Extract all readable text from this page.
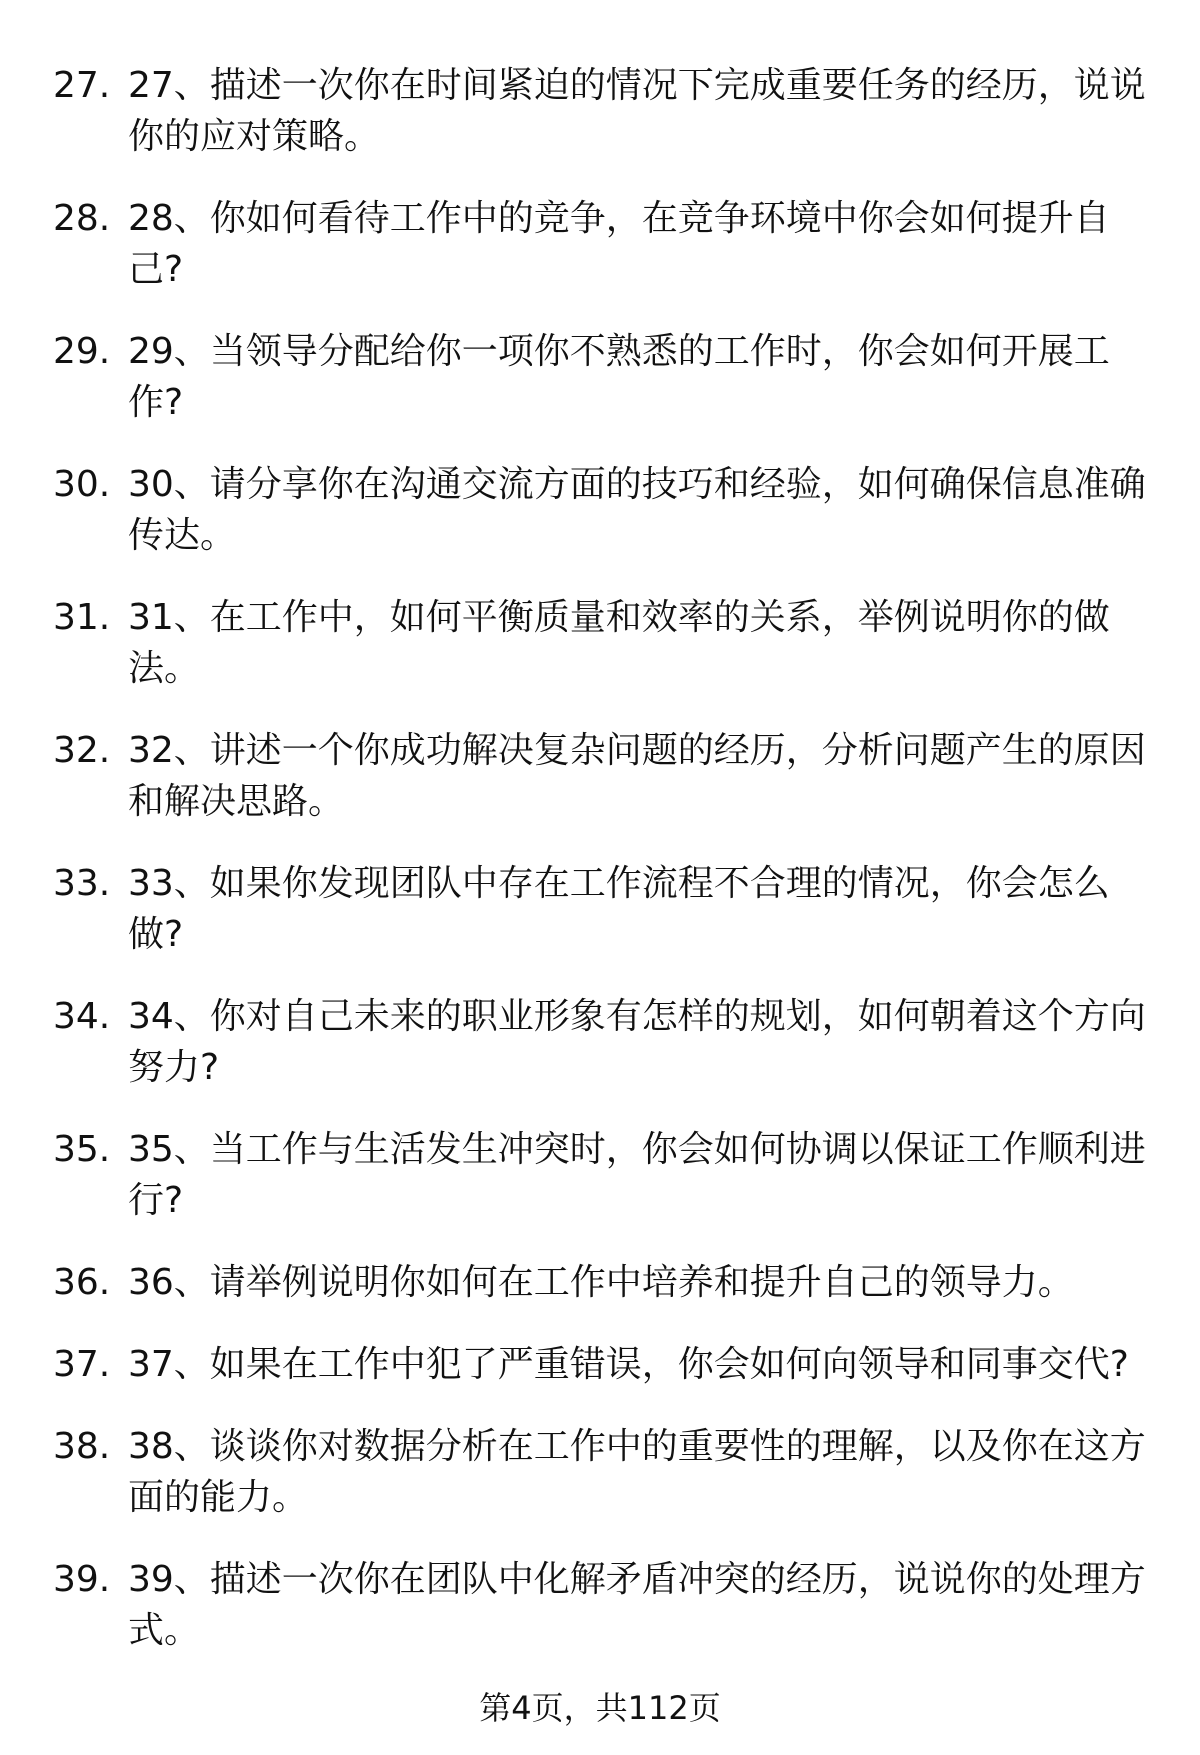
27. 27、描述一次你在时间紧迫的情况下完成重要任务的经历，说说
你的应对策略。
28. 28、你如何看待工作中的竞争，在竞争环境中你会如何提升自
己?
29. 29、当领导分配给你一项你不熟悉的工作时，你会如何开展工
作?
30. 30、请分享你在沟通交流方面的技巧和经验，如何确保信息准确
传达。
31. 31、在工作中，如何平衡质量和效率的关系，举例说明你的做
法。
32. 32、讲述一个你成功解决复杂问题的经历，分析问题产生的原因
和解决思路。
33. 33、如果你发现团队中存在工作流程不合理的情况，你会怎么
做?
34. 34、你对自己未来的职业形象有怎样的规划，如何朝着这个方向
努力?
35. 35、当工作与生活发生冲突时，你会如何协调以保证工作顺利进
行?
36. 36、请举例说明你如何在工作中培养和提升自己的领导力。
37. 37、如果在工作中犯了严重错误，你会如何向领导和同事交代?
38. 38、谈谈你对数据分析在工作中的重要性的理解，以及你在这方
面的能力。
39. 39、描述一次你在团队中化解矛盾冲突的经历，说说你的处理方
式。
第4页，共112页
